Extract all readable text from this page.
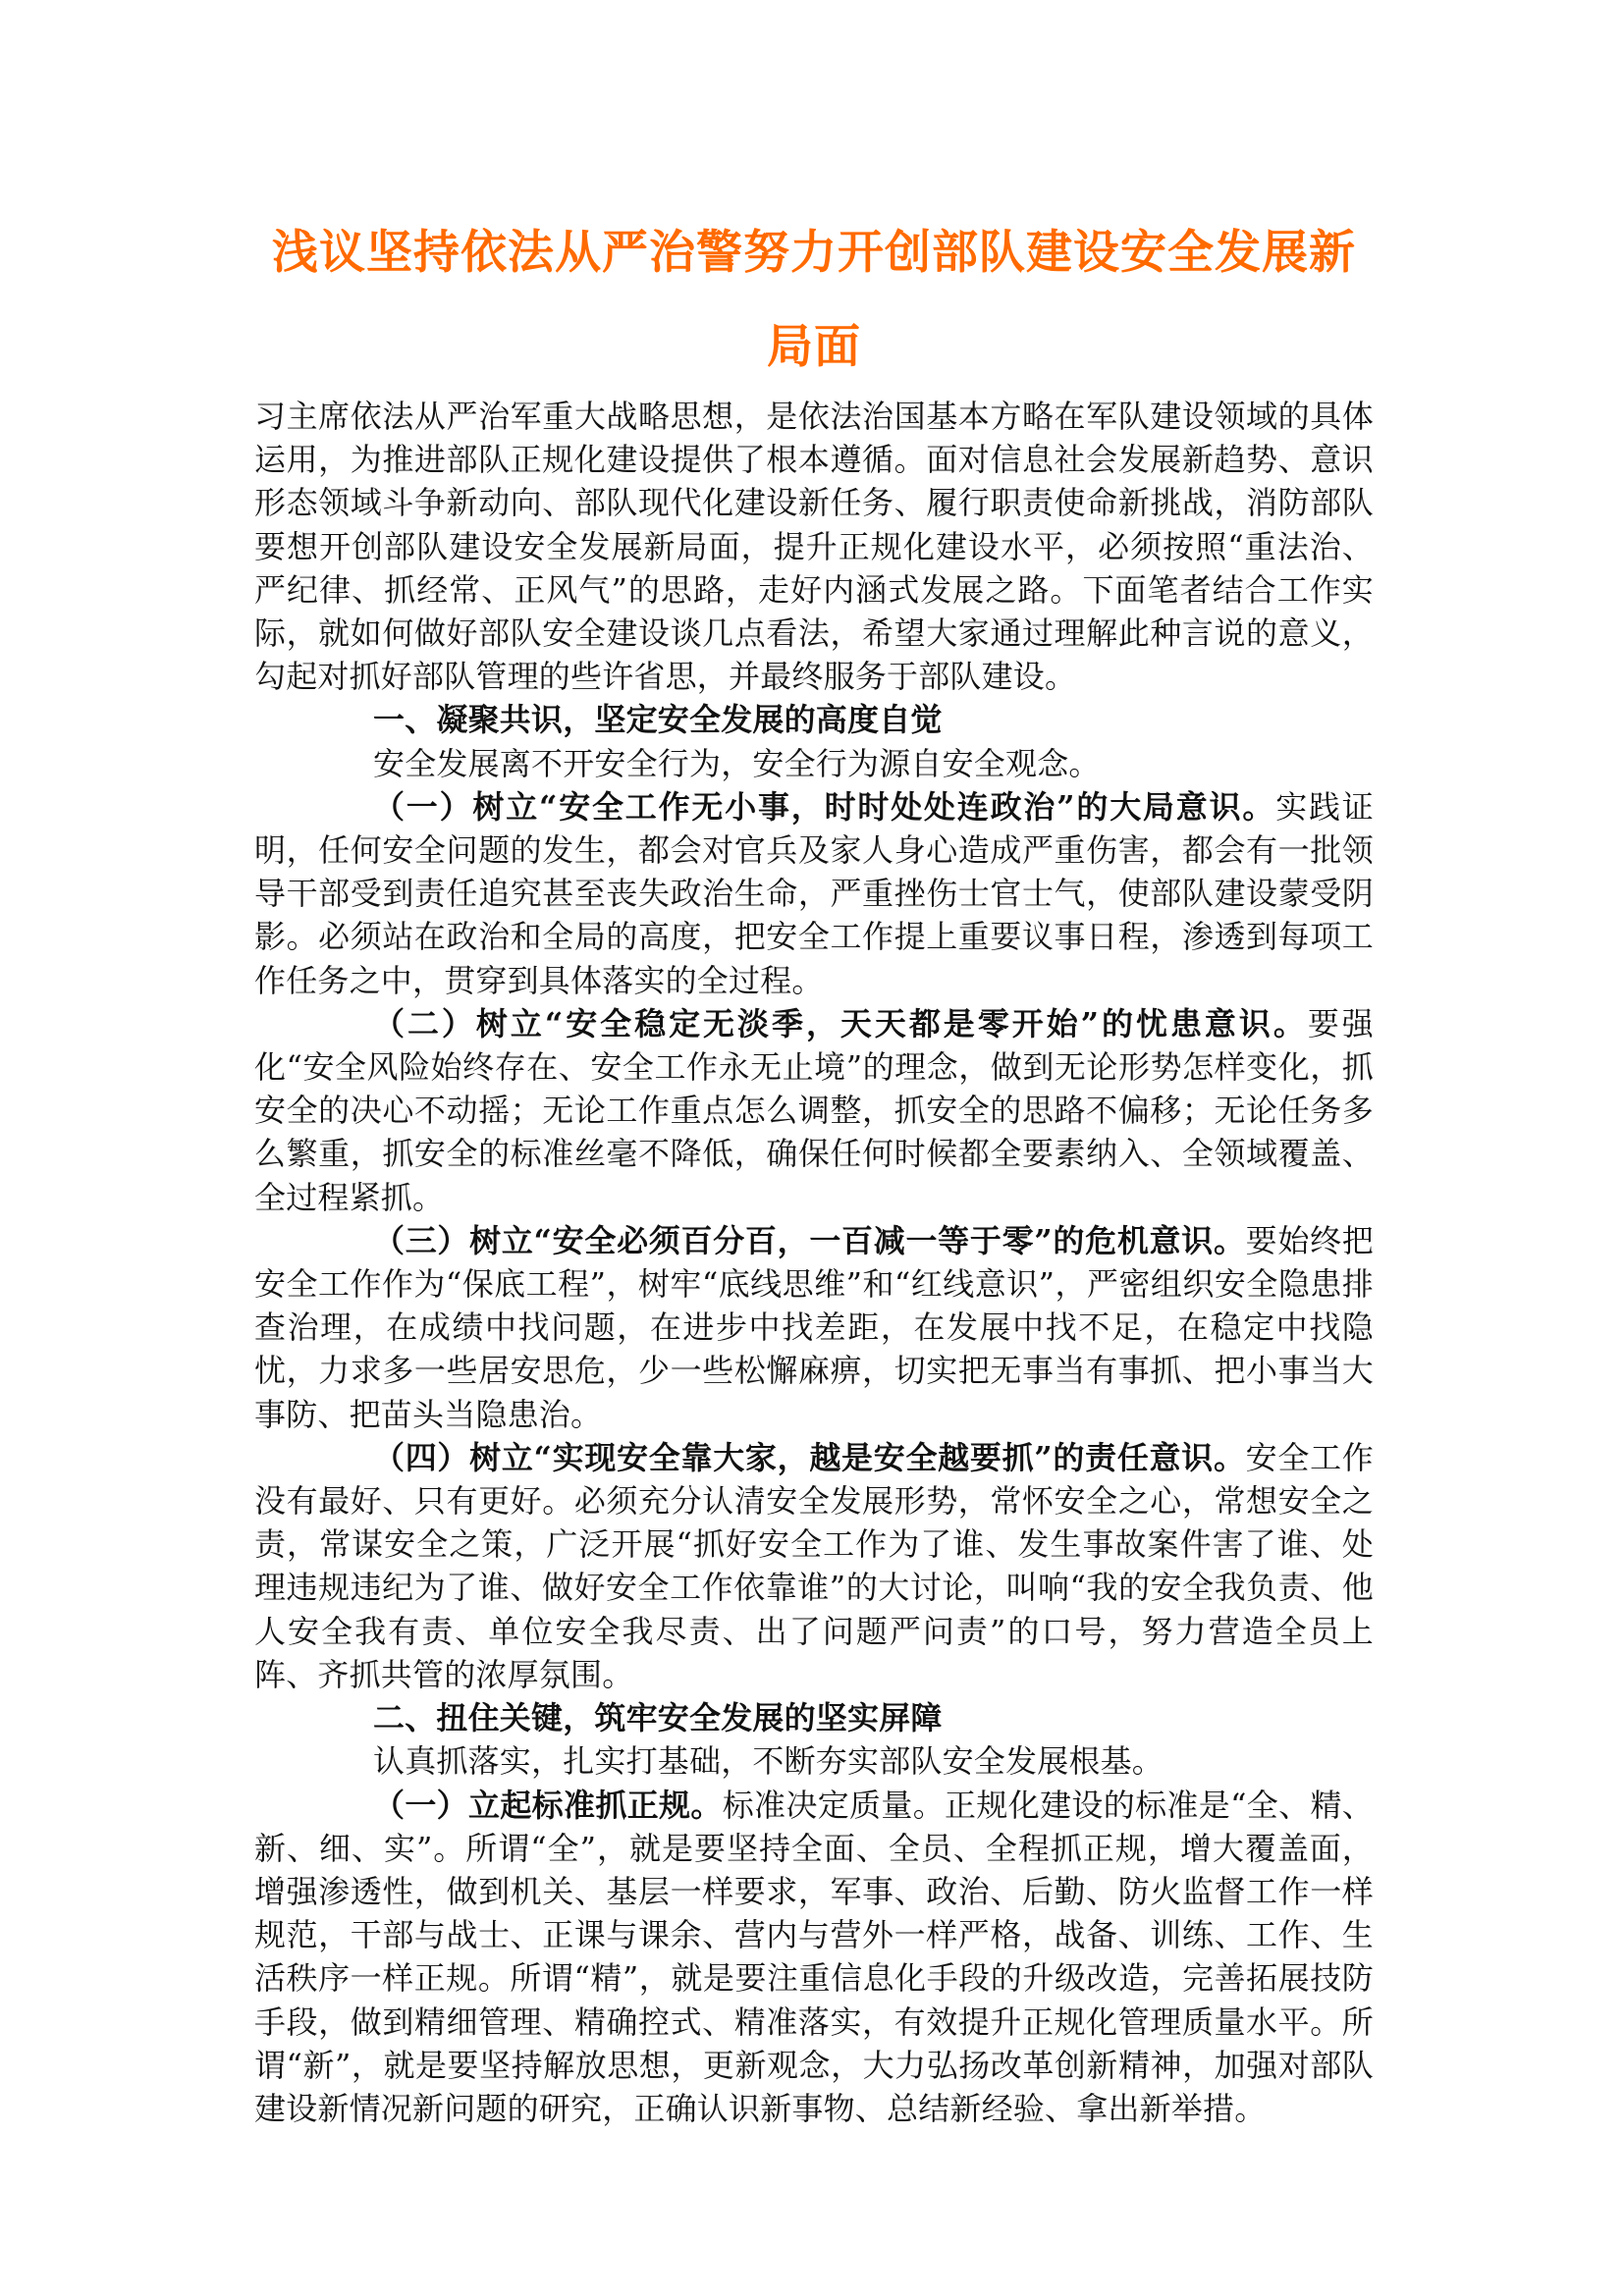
浅议坚持依法从严治警努力开创部队建设安全发展新局面

习主席依法从严治军重大战略思想，是依法治国基本方略在军队建设领域的具体运用，为推进部队正规化建设提供了根本遵循。面对信息社会发展新趋势、意识形态领域斗争新动向、部队现代化建设新任务、履行职责使命新挑战，消防部队要想开创部队建设安全发展新局面，提升正规化建设水平，必须按照“重法治、严纪律、抓经常、正风气”的思路，走好内涵式发展之路。下面笔者结合工作实际，就如何做好部队安全建设谈几点看法，希望大家通过理解此种言说的意义，勾起对抓好部队管理的些许省思，并最终服务于部队建设。

一、凝聚共识，坚定安全发展的高度自觉

安全发展离不开安全行为，安全行为源自安全观念。

（一）树立“安全工作无小事，时时处处连政治”的大局意识。实践证明，任何安全问题的发生，都会对官兵及家人身心造成严重伤害，都会有一批领导干部受到责任追究甚至丧失政治生命，严重挫伤士官士气，使部队建设蒙受阴影。必须站在政治和全局的高度，把安全工作提上重要议事日程，渗透到每项工作任务之中，贯穿到具体落实的全过程。

（二）树立“安全稳定无淡季，天天都是零开始”的忧患意识。要强化“安全风险始终存在、安全工作永无止境”的理念，做到无论形势怎样变化，抓安全的决心不动摇；无论工作重点怎么调整，抓安全的思路不偏移；无论任务多么繁重，抓安全的标准丝毫不降低，确保任何时候都全要素纳入、全领域覆盖、全过程紧抓。

（三）树立“安全必须百分百，一百减一等于零”的危机意识。要始终把安全工作作为“保底工程”，树牢“底线思维”和“红线意识”，严密组织安全隐患排查治理，在成绩中找问题，在进步中找差距，在发展中找不足，在稳定中找隐忧，力求多一些居安思危，少一些松懈麻痹，切实把无事当有事抓、把小事当大事防、把苗头当隐患治。

（四）树立“实现安全靠大家，越是安全越要抓”的责任意识。安全工作没有最好、只有更好。必须充分认清安全发展形势，常怀安全之心，常想安全之责，常谋安全之策，广泛开展“抓好安全工作为了谁、发生事故案件害了谁、处理违规违纪为了谁、做好安全工作依靠谁”的大讨论，叫响“我的安全我负责、他人安全我有责、单位安全我尽责、出了问题严问责”的口号，努力营造全员上阵、齐抓共管的浓厚氛围。

二、扭住关键，筑牢安全发展的坚实屏障

认真抓落实，扎实打基础，不断夯实部队安全发展根基。

（一）立起标准抓正规。标准决定质量。正规化建设的标准是“全、精、新、细、实”。所谓“全”，就是要坚持全面、全员、全程抓正规，增大覆盖面，增强渗透性，做到机关、基层一样要求，军事、政治、后勤、防火监督工作一样规范，干部与战士、正课与课余、营内与营外一样严格，战备、训练、工作、生活秩序一样正规。所谓“精”，就是要注重信息化手段的升级改造，完善拓展技防手段，做到精细管理、精确控式、精准落实，有效提升正规化管理质量水平。所谓“新”，就是要坚持解放思想，更新观念，大力弘扬改革创新精神，加强对部队建设新情况新问题的研究，正确认识新事物、总结新经验、拿出新举措。
